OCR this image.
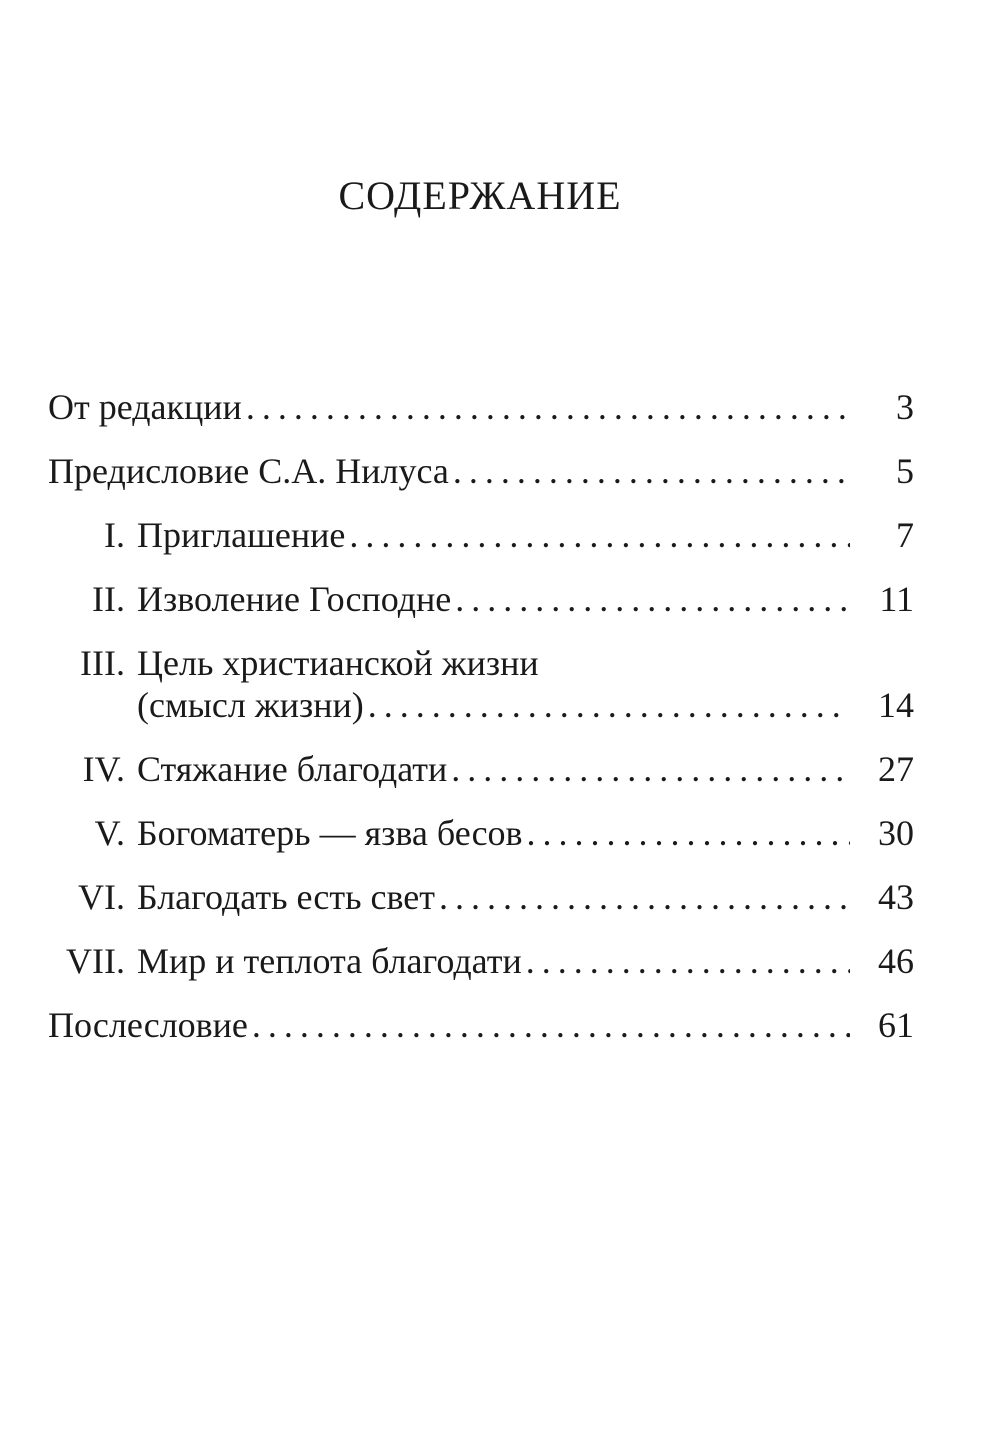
СОДЕРЖАНИЕ
От редакции . . .	3
Предисловие С.А. Нилуса . . .	5
I. Приглашение . . .	7
II. Изволение Господне . . .	11
III. Цель христианской жизни
(смысл жизни) . . .	14
IV. Стяжание благодати . . .	27
V. Богоматерь — язва бесов . . .	30
VI. Благодать есть свет . . .	43
VII. Мир и теплота благодати . . .	46
Послесловие . . .	61
